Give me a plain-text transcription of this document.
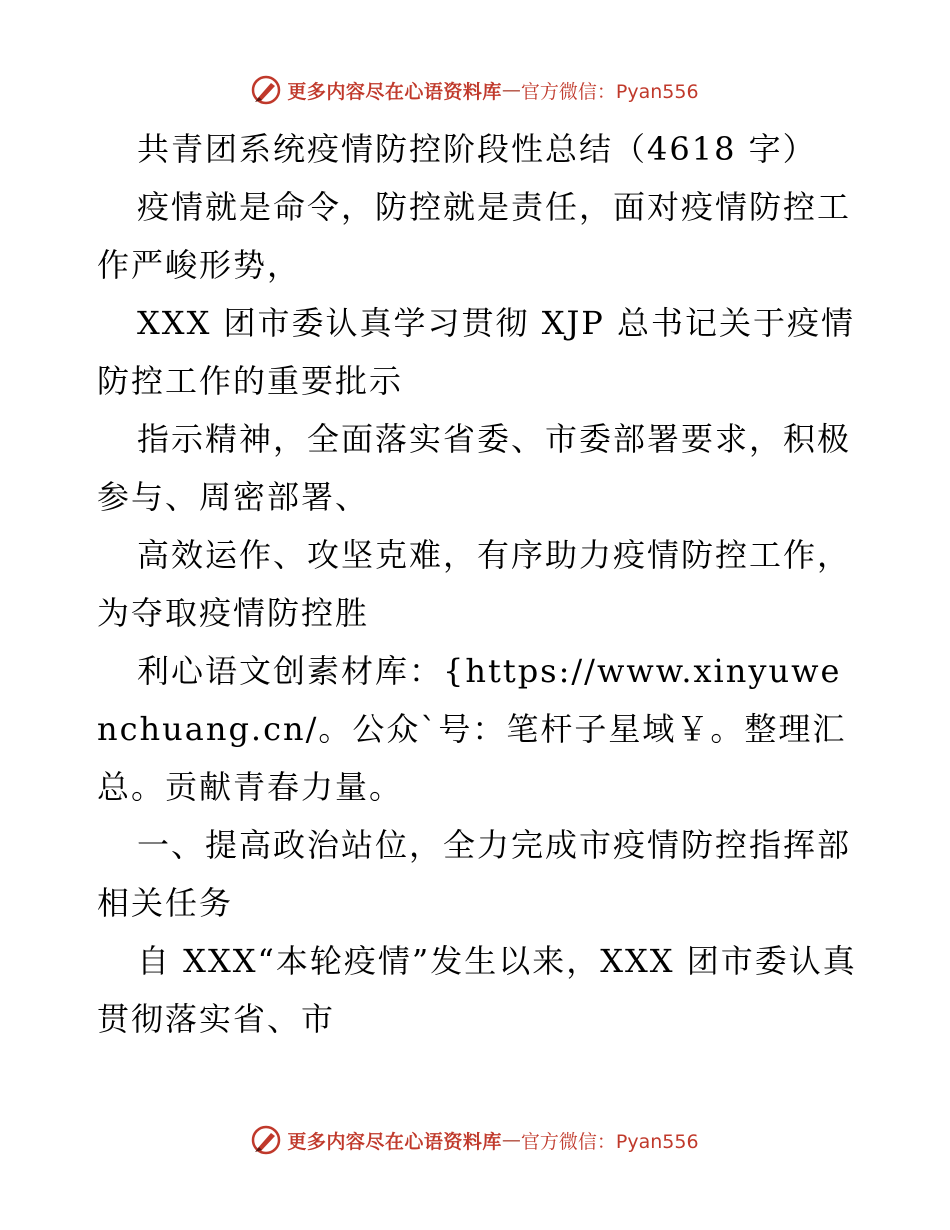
更多内容尽在心语资料库 — 官方微信：Pyan556

共青团系统疫情防控阶段性总结（4618 字）

疫情就是命令，防控就是责任，面对疫情防控工作严峻形势，

XXX 团市委认真学习贯彻 XJP 总书记关于疫情防控工作的重要批示

指示精神，全面落实省委、市委部署要求，积极参与、周密部署、

高效运作、攻坚克难，有序助力疫情防控工作，为夺取疫情防控胜

利心语文创素材库：{https://www.xinyuwenchuang.cn/。公众`号：笔杆子星域￥。整理汇总。贡献青春力量。

一、提高政治站位，全力完成市疫情防控指挥部相关任务

自 XXX“本轮疫情”发生以来，XXX 团市委认真贯彻落实省、市

更多内容尽在心语资料库 — 官方微信：Pyan556
